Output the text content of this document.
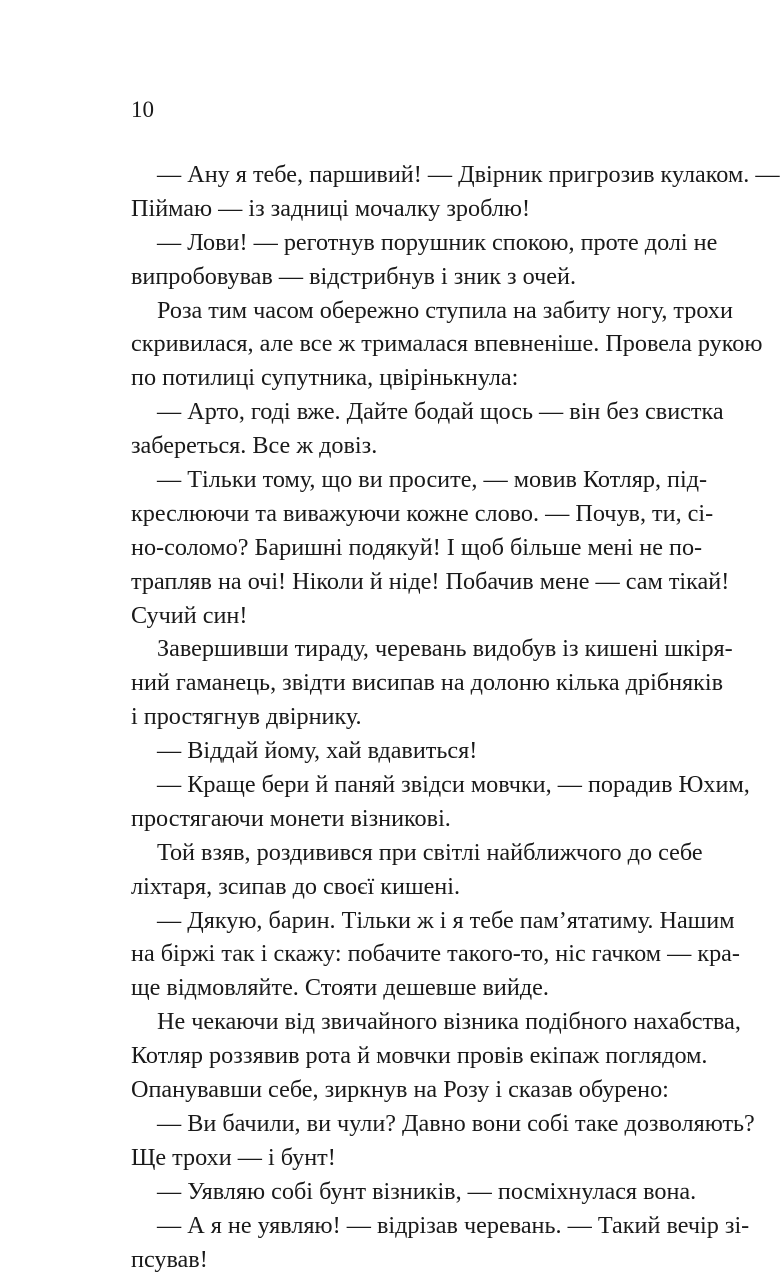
10
— Ану я тебе, паршивий! — Двірник пригрозив кулаком. —
Пiймаю — iз задницi мочалку зроблю!
— Лови! — реготнув порушник спокою, проте долi не
випробовував — вiдстрибнув i зник з очей.
Роза тим часом обережно ступила на забиту ногу, трохи
скривилася, але все ж трималася впевненiше. Провела рукою
по потилицi супутника, цвiрiнькнула:
— Арто, годi вже. Дайте бодай щось — вiн без свистка
забереться. Все ж довiз.
— Тiльки тому, що ви просите, — мовив Котляр, пiд-
креслюючи та виважуючи кожне слово. — Почув, ти, сi-
но-соломо? Баришнi подякуй! I щоб бiльше менi не по-
трапляв на очi! Нiколи й нiде! Побачив мене — сам тiкай!
Сучий син!
Завершивши тираду, черевань видобув iз кишенi шкiря-
ний гаманець, звiдти висипав на долоню кiлька дрiбнякiв
i простягнув двiрнику.
— Вiддай йому, хай вдавиться!
— Краще бери й паняй звiдси мовчки, — порадив Юхим,
простягаючи монети вiзниковi.
Той взяв, роздивився при свiтлi найближчого до себе
лiхтаря, зсипав до своєї кишенi.
— Дякую, барин. Тiльки ж i я тебе пам’ятатиму. Нашим
на бiржi так i скажу: побачите такого-то, нiс гачком — кра-
ще вiдмовляйте. Стояти дешевше вийде.
Не чекаючи вiд звичайного вiзника подiбного нахабства,
Котляр роззявив рота й мовчки провiв екiпаж поглядом.
Опанувавши себе, зиркнув на Розу i сказав обурено:
— Ви бачили, ви чули? Давно вони собi таке дозволяють?
Ще трохи — i бунт!
— Уявляю собi бунт вiзникiв, — посмiхнулася вона.
— А я не уявляю! — вiдрiзав черевань. — Такий вечiр зi-
псував!
